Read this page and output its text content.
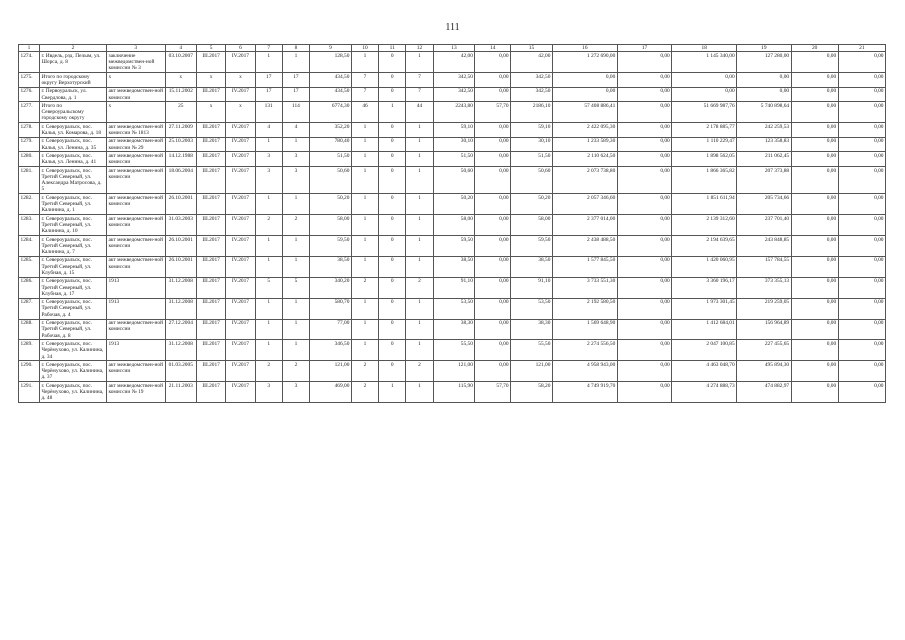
111
1	2	3	4	5	6	7	8	9	10	11	12	13	14	15	16	17	18	19	20	21
1274.	г. Ивдель, рзд. Пелым, ул. Шорса, д. 8	заключение межведомствен-ной комиссии № 3	03.10.2007	III.2017	IV.2017	1	1	128,50	1	0	1	42,00	0,00	42,00	1 272 690,00	0,00	1 145 340,00	127 280,00	0,00	0,00
1275.	Итого по городскому округу Верхотурский	х	х	х	х	17	17	434,50	7	0	7	342,50	0,00	342,50	0,00	0,00	0,00	0,00	0,00	0,00
1276.	г. Первоуральск, ул. Свердлова, д. 1	акт межведомствен-ной комиссии	15.11.2002	III.2017	IV.2017	17	17	434,50	7	0	7	342,50	0,00	342,50	0,00	0,00	0,00	0,00	0,00	0,00
1277.	Итого по Североуральскому городскому округу	х	25	х	х	131	114	6774,30	46	1	44	2243,80	57,70	2186,10	57 408 886,41	0,00	51 669 987,76	5 740 898,64	0,00	0,00
1278.	г. Североуральск, пос. Калья, ул. Комарова, д. 18	акт межведомствен-ной комиссии № 1813	27.11.2009	III.2017	IV.2017	4	4	352,20	1	0	1	59,10	0,00	59,10	2 422 095,30	0,00	2 178 885,77	242 259,53	0,00	0,00
1279.	г. Североуральск, пос. Калья, ул. Ленина, д. 35	акт межведомствен-ной комиссии № 29	25.10.2003	III.2017	IV.2017	1	1	780,40	1	0	1	30,10	0,00	30,10	1 233 589,30	0,00	1 110 229,47	123 358,83	0,00	0,00
1280.	г. Североуральск, пос. Калья, ул. Ленина, д. 41	акт межведомствен-ной комиссии	14.12.1988	III.2017	IV.2017	3	3	51,50	1	0	1	51,50	0,00	51,50	2 110 624,50	0,00	1 898 562,05	211 062,45	0,00	0,00
1281.	г. Североуральск, пос. Третий Северный, ул. Александра Матросова, д. 5	акт межведомствен-ной комиссии	18.06.2004	III.2017	IV.2017	3	3	50,60	1	0	1	50,60	0,00	50,60	2 073 738,80	0,00	1 866 365,82	207 373,88	0,00	0,00
1282.	г. Североуральск, пос. Третий Северный, ул. Калинина, д. 1	акт межведомствен-ной комиссии	26.10.2001	III.2017	IV.2017	1	1	50,20	1	0	1	50,20	0,00	50,20	2 057 346,60	0,00	1 851 611,94	205 734,66	0,00	0,00
1283.	г. Североуральск, пос. Третий Северный, ул. Калинина, д. 10	акт межведомствен-ной комиссии	31.03.2003	III.2017	IV.2017	2	2	58,00	1	0	1	58,00	0,00	58,00	2 377 014,00	0,00	2 139 312,60	237 701,40	0,00	0,00
1284.	г. Североуральск, пос. Третий Северный, ул. Калинина, д. 7	акт межведомствен-ной комиссии	26.10.2001	III.2017	IV.2017	1	1	59,50	1	0	1	59,50	0,00	59,50	2 438 488,50	0,00	2 194 639,65	243 848,85	0,00	0,00
1285.	г. Североуральск, пос. Третий Северный, ул. Клубная, д. 15	акт межведомствен-ной комиссии	26.10.2001	III.2017	IV.2017	1	1	38,50	1	0	1	38,50	0,00	38,50	1 577 845,50	0,00	1 420 060,95	157 784,55	0,00	0,00
1286.	г. Североуральск, пос. Третий Северный, ул. Клубная, д. 17	1913	31.12.2008	III.2017	IV.2017	5	5	340,20	2	0	2	91,10	0,00	91,10	3 733 551,30	0,00	3 360 196,17	373 355,13	0,00	0,00
1287.	г. Североуральск, пос. Третий Северный, ул. Рабочая, д. 4	1913	31.12.2008	III.2017	IV.2017	1	1	580,70	1	0	1	53,50	0,00	53,50	2 192 580,50	0,00	1 973 301,45	219 259,05	0,00	0,00
1288.	г. Североуральск, пос. Третий Северный, ул. Рабочая, д. 8	акт межведомствен-ной комиссии	27.12.2004	III.2017	IV.2017	1	1	77,00	1	0	1	38,30	0,00	38,30	1 569 648,90	0,00	1 412 684,01	156 964,89	0,00	0,00
1289.	г. Североуральск, пос. Черёмухово, ул. Калинина, д. 34	1913	31.12.2008	III.2017	IV.2017	1	1	346,50	1	0	1	55,50	0,00	55,50	2 274 556,50	0,00	2 047 100,85	227 455,65	0,00	0,00
1290.	г. Североуральск, пос. Черёмухово, ул. Калинина, д. 37	акт межведомствен-ной комиссии	01.03.2005	III.2017	IV.2017	2	2	121,00	2	0	2	121,00	0,00	121,00	4 958 943,00	0,00	4 463 048,70	495 894,30	0,00	0,00
1291.	г. Североуральск, пос. Черёмухово, ул. Калинина, д. 48	акт межведомствен-ной комиссии № 19	21.11.2003	III.2017	IV.2017	3	3	469,00	2	1	1	115,90	57,70	58,20	4 749 919,70	0,00	4 274 888,73	474 882,97	0,00	0,00
